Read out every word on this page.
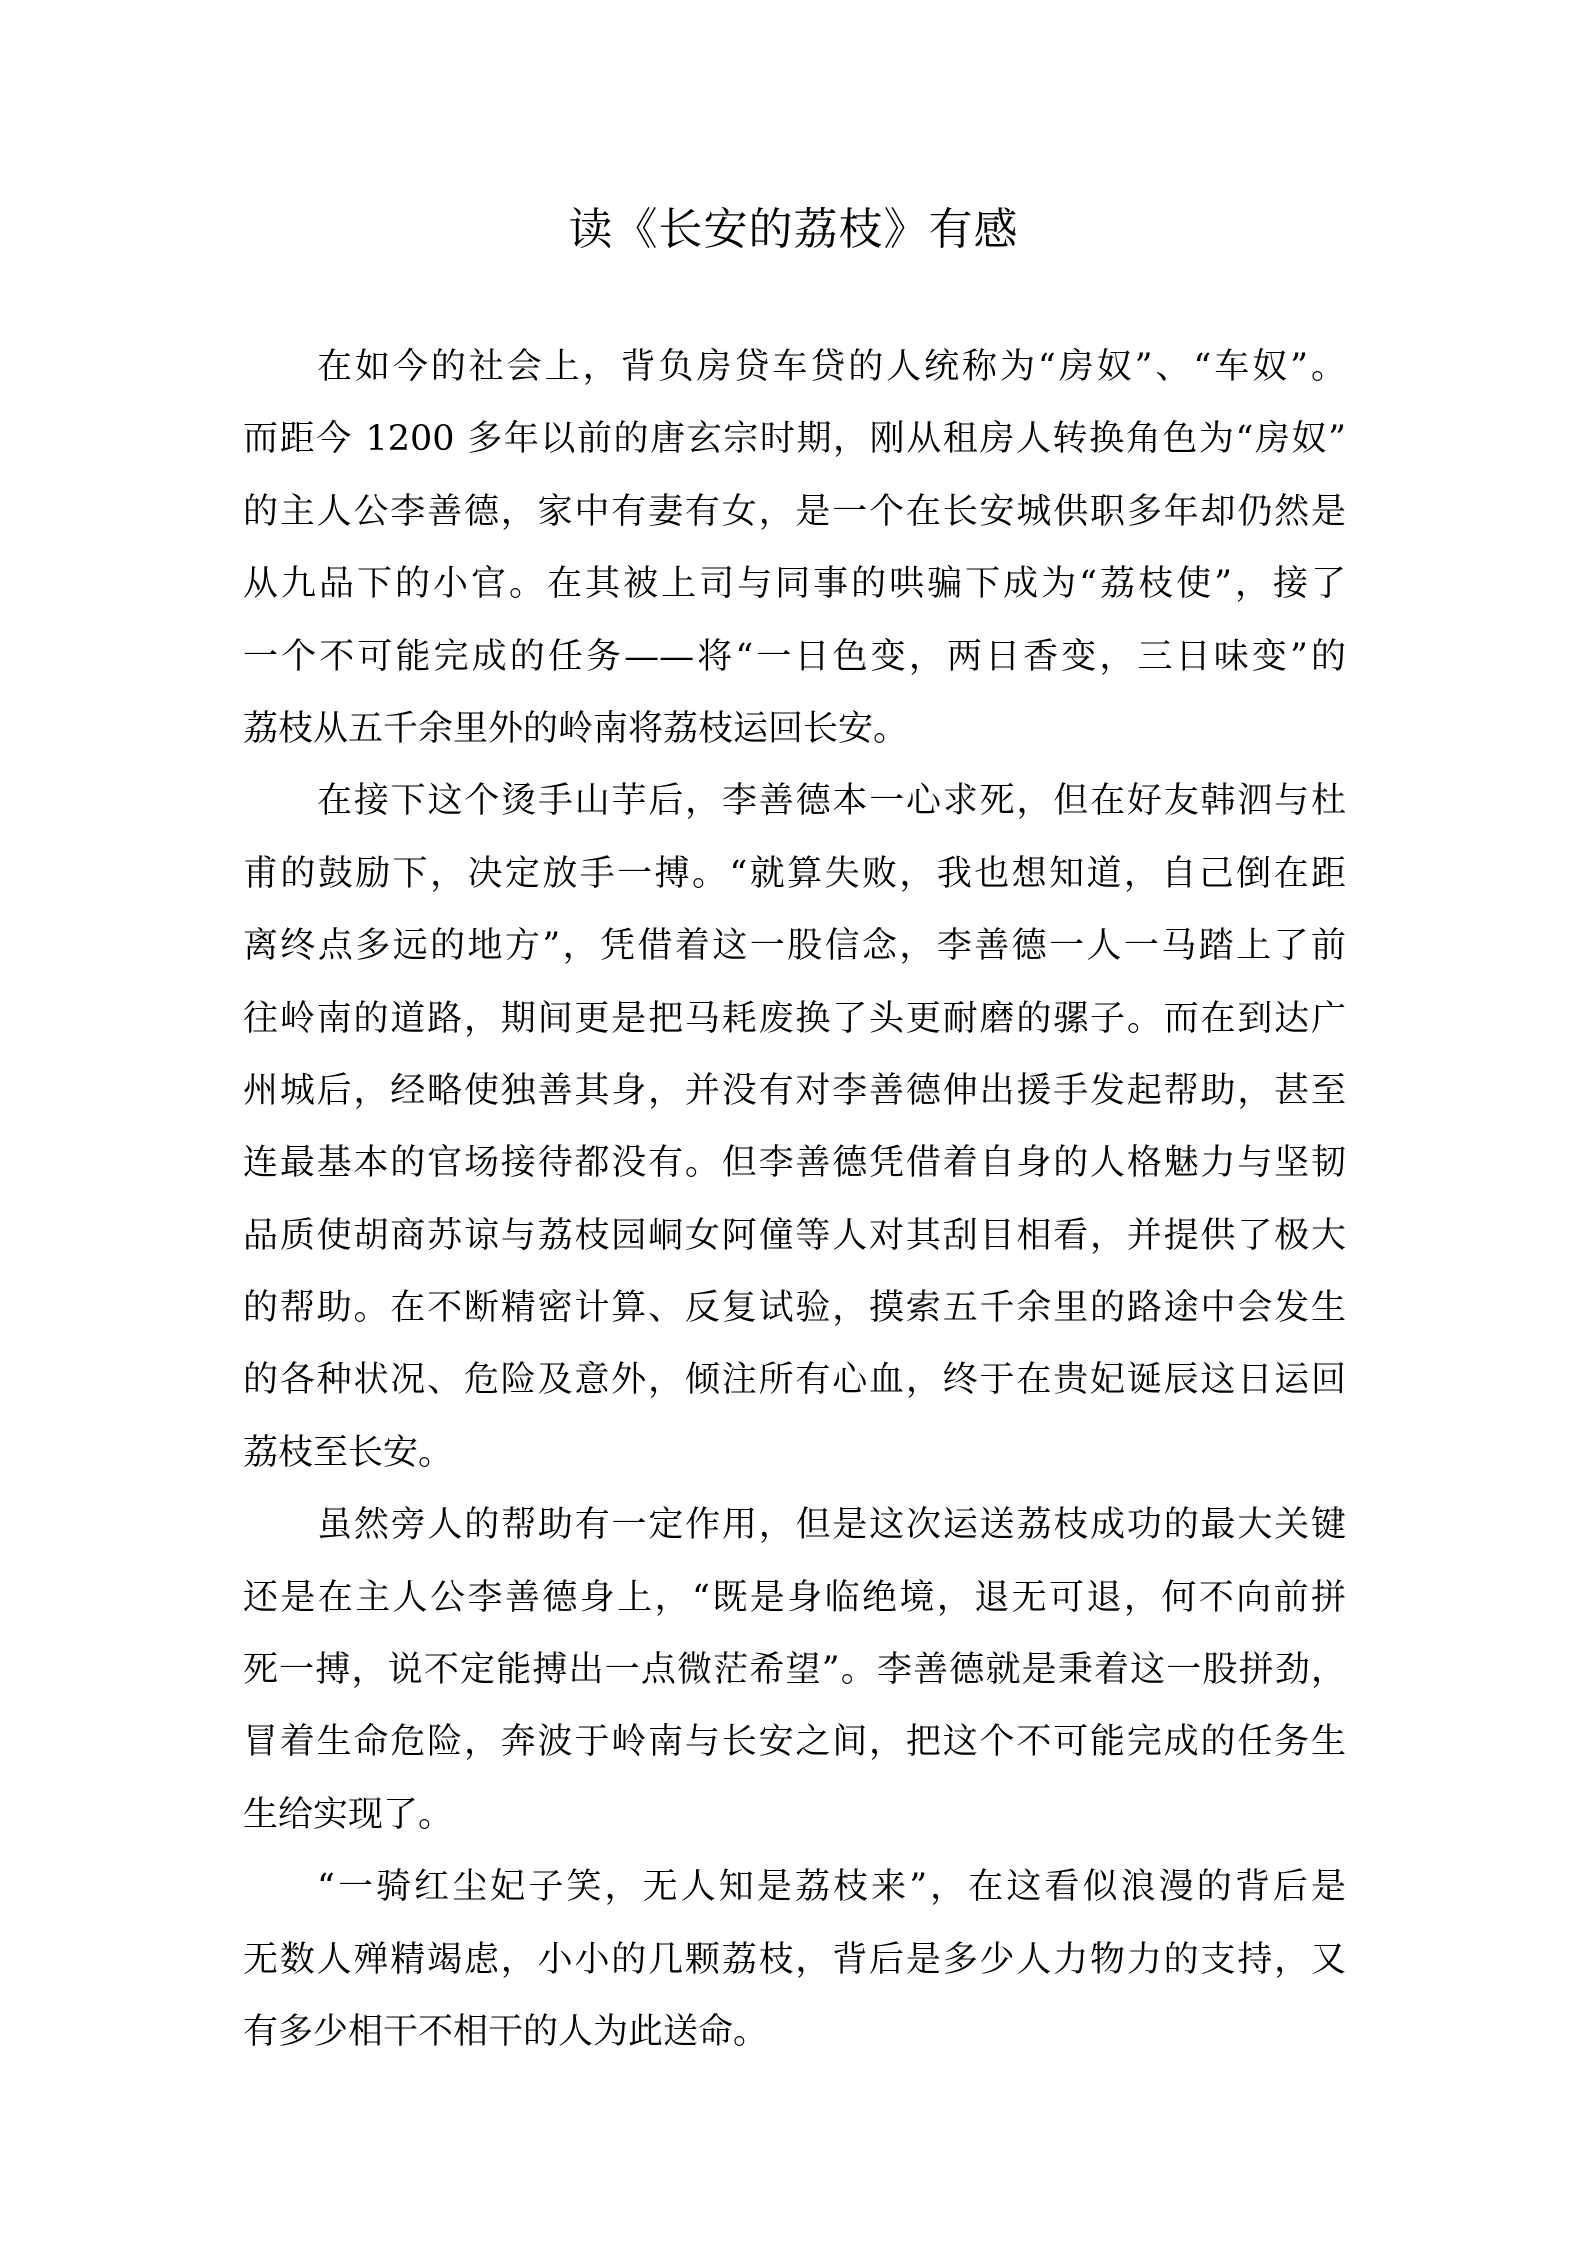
读《长安的荔枝》有感
在如今的社会上，背负房贷车贷的人统称为“房奴”、“车奴”。
而距今 1200 多年以前的唐玄宗时期，刚从租房人转换角色为“房奴”
的主人公李善德，家中有妻有女，是一个在长安城供职多年却仍然是
从九品下的小官。在其被上司与同事的哄骗下成为“荔枝使”，接了
一个不可能完成的任务——将“一日色变，两日香变，三日味变”的
荔枝从五千余里外的岭南将荔枝运回长安。
在接下这个烫手山芋后，李善德本一心求死，但在好友韩泗与杜
甫的鼓励下，决定放手一搏。“就算失败，我也想知道，自己倒在距
离终点多远的地方”，凭借着这一股信念，李善德一人一马踏上了前
往岭南的道路，期间更是把马耗废换了头更耐磨的骡子。而在到达广
州城后，经略使独善其身，并没有对李善德伸出援手发起帮助，甚至
连最基本的官场接待都没有。但李善德凭借着自身的人格魅力与坚韧
品质使胡商苏谅与荔枝园峒女阿僮等人对其刮目相看，并提供了极大
的帮助。在不断精密计算、反复试验，摸索五千余里的路途中会发生
的各种状况、危险及意外，倾注所有心血，终于在贵妃诞辰这日运回
荔枝至长安。
虽然旁人的帮助有一定作用，但是这次运送荔枝成功的最大关键
还是在主人公李善德身上，“既是身临绝境，退无可退，何不向前拼
死一搏，说不定能搏出一点微茫希望”。李善德就是秉着这一股拼劲，
冒着生命危险，奔波于岭南与长安之间，把这个不可能完成的任务生
生给实现了。
“一骑红尘妃子笑，无人知是荔枝来”，在这看似浪漫的背后是
无数人殚精竭虑，小小的几颗荔枝，背后是多少人力物力的支持，又
有多少相干不相干的人为此送命。
